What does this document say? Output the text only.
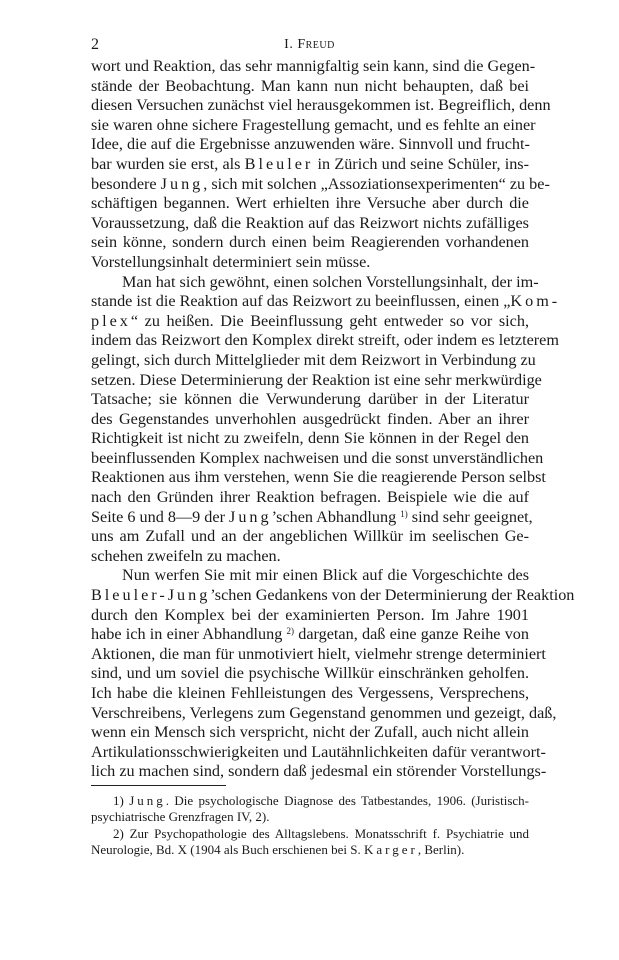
2	I. Freud
wort und Reaktion, das sehr mannigfaltig sein kann, sind die Gegen-
stände der Beobachtung. Man kann nun nicht behaupten, daß bei
diesen Versuchen zunächst viel herausgekommen ist. Begreiflich, denn
sie waren ohne sichere Fragestellung gemacht, und es fehlte an einer
Idee, die auf die Ergebnisse anzuwenden wäre. Sinnvoll und frucht-
bar wurden sie erst, als Bleuler in Zürich und seine Schüler, ins-
besondere Jung, sich mit solchen „Assoziationsexperimenten“ zu be-
schäftigen begannen. Wert erhielten ihre Versuche aber durch die
Voraussetzung, daß die Reaktion auf das Reizwort nichts zufälliges
sein könne, sondern durch einen beim Reagierenden vorhandenen
Vorstellungsinhalt determiniert sein müsse.
Man hat sich gewöhnt, einen solchen Vorstellungsinhalt, der im-
stande ist die Reaktion auf das Reizwort zu beeinflussen, einen „Kom-
plex“ zu heißen. Die Beeinflussung geht entweder so vor sich,
indem das Reizwort den Komplex direkt streift, oder indem es letzterem
gelingt, sich durch Mittelglieder mit dem Reizwort in Verbindung zu
setzen. Diese Determinierung der Reaktion ist eine sehr merkwürdige
Tatsache; sie können die Verwunderung darüber in der Literatur
des Gegenstandes unverhohlen ausgedrückt finden. Aber an ihrer
Richtigkeit ist nicht zu zweifeln, denn Sie können in der Regel den
beeinflussenden Komplex nachweisen und die sonst unverständlichen
Reaktionen aus ihm verstehen, wenn Sie die reagierende Person selbst
nach den Gründen ihrer Reaktion befragen. Beispiele wie die auf
Seite 6 und 8—9 der Jung’schen Abhandlung $^{1)}$ sind sehr geeignet,
uns am Zufall und an der angeblichen Willkür im seelischen Ge-
schehen zweifeln zu machen.
Nun werfen Sie mit mir einen Blick auf die Vorgeschichte des
Bleuler-Jung’schen Gedankens von der Determinierung der Reaktion
durch den Komplex bei der examinierten Person. Im Jahre 1901
habe ich in einer Abhandlung $^{2)}$ dargetan, daß eine ganze Reihe von
Aktionen, die man für unmotiviert hielt, vielmehr strenge determiniert
sind, und um soviel die psychische Willkür einschränken geholfen.
Ich habe die kleinen Fehlleistungen des Vergessens, Versprechens,
Verschreibens, Verlegens zum Gegenstand genommen und gezeigt, daß,
wenn ein Mensch sich verspricht, nicht der Zufall, auch nicht allein
Artikulationsschwierigkeiten und Lautähnlichkeiten dafür verantwort-
lich zu machen sind, sondern daß jedesmal ein störender Vorstellungs-
1) Jung. Die psychologische Diagnose des Tatbestandes, 1906. (Juristisch-
psychiatrische Grenzfragen IV, 2).
2) Zur Psychopathologie des Alltagslebens. Monatsschrift f. Psychiatrie und
Neurologie, Bd. X (1904 als Buch erschienen bei S. Karger, Berlin).
